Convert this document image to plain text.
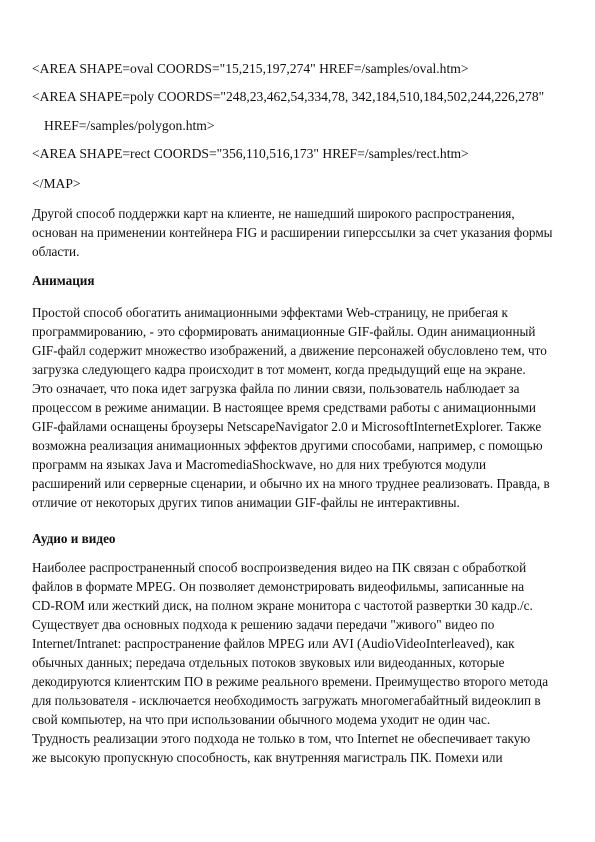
<AREA SHAPE=oval COORDS="15,215,197,274" HREF=/samples/oval.htm>
<AREA SHAPE=poly COORDS="248,23,462,54,334,78, 342,184,510,184,502,244,226,278"
HREF=/samples/polygon.htm>
<AREA SHAPE=rect COORDS="356,110,516,173" HREF=/samples/rect.htm>
</MAP>
Другой способ поддержки карт на клиенте, не нашедший широкого распространения,
основан на применении контейнера FIG и расширении гиперссылки за счет указания формы
области.
Анимация
Простой способ обогатить анимационными эффектами Web-страницу, не прибегая к
программированию, - это сформировать анимационные GIF-файлы. Один анимационный
GIF-файл содержит множество изображений, а движение персонажей обусловлено тем, что
загрузка следующего кадра происходит в тот момент, когда предыдущий еще на экране.
Это означает, что пока идет загрузка файла по линии связи, пользователь наблюдает за
процессом в режиме анимации. В настоящее время средствами работы с анимационными
GIF-файлами оснащены броузеры NetscapeNavigator 2.0 и MicrosoftInternetExplorer. Также
возможна реализация анимационных эффектов другими способами, например, с помощью
программ на языках Java и MacromediaShockwave, но для них требуются модули
расширений или серверные сценарии, и обычно их на много труднее реализовать. Правда, в
отличие от некоторых других типов анимации GIF-файлы не интерактивны.
Аудио и видео
Наиболее распространенный способ воспроизведения видео на ПК связан с обработкой
файлов в формате MPEG. Он позволяет демонстрировать видеофильмы, записанные на
CD-ROM или жесткий диск, на полном экране монитора с частотой развертки 30 кадр./с.
Существует два основных подхода к решению задачи передачи "живого" видео по
Internet/Intranet: распространение файлов MPEG или AVI (AudioVideoInterleaved), как
обычных данных; передача отдельных потоков звуковых или видеоданных, которые
декодируются клиентским ПО в режиме реального времени. Преимущество второго метода
для пользователя - исключается необходимость загружать многомегабайтный видеоклип в
свой компьютер, на что при использовании обычного модема уходит не один час.
Трудность реализации этого подхода не только в том, что Internet не обеспечивает такую
же высокую пропускную способность, как внутренняя магистраль ПК. Помехи или
